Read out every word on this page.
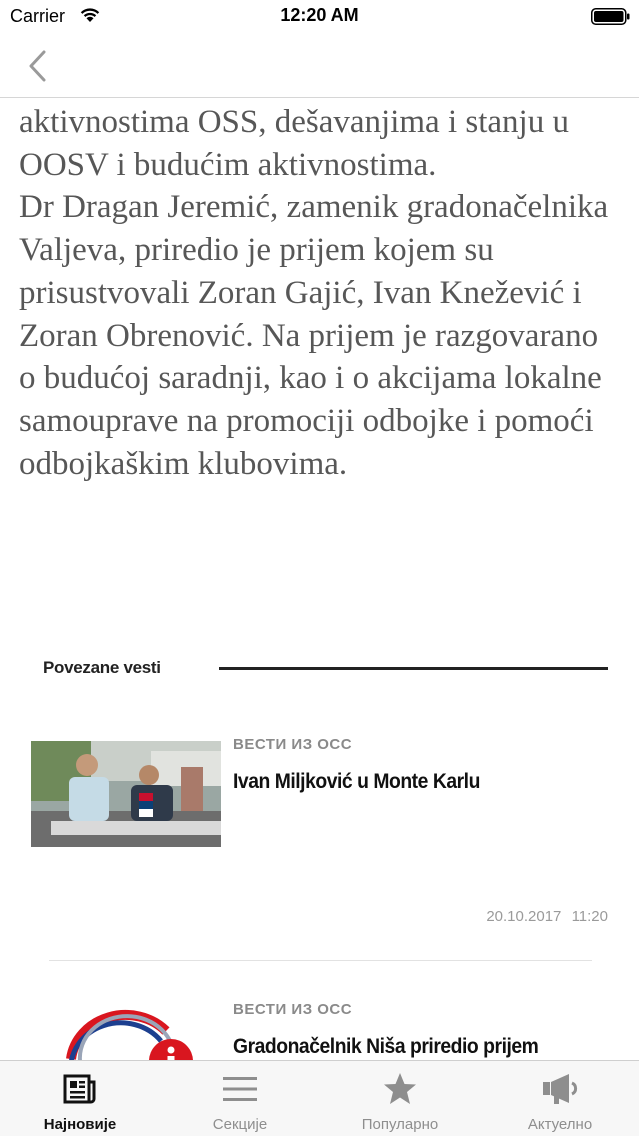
Carrier	12:20 AM

aktivnostima OSS, dešavanjima i stanju u OOSV i budućim aktivnostima.

Dr Dragan Jeremić, zamenik gradonačelnika Valjeva, priredio je prijem kojem su prisustvovali Zoran Gajić, Ivan Knežević i Zoran Obrenović. Na prijem je razgovarano o budućoj saradnji, kao i o akcijama lokalne samouprave na promociji odbojke i pomoći odbojkaškim klubovima.

Povezane vesti
ВЕСТИ ИЗ ОСС
Ivan Miljković u Monte Karlu
20.10.2017 11:20
ВЕСТИ ИЗ ОСС
Gradonačelnik Niša priredio prijem
Најновије	Секције	Популарно	Актуелно
